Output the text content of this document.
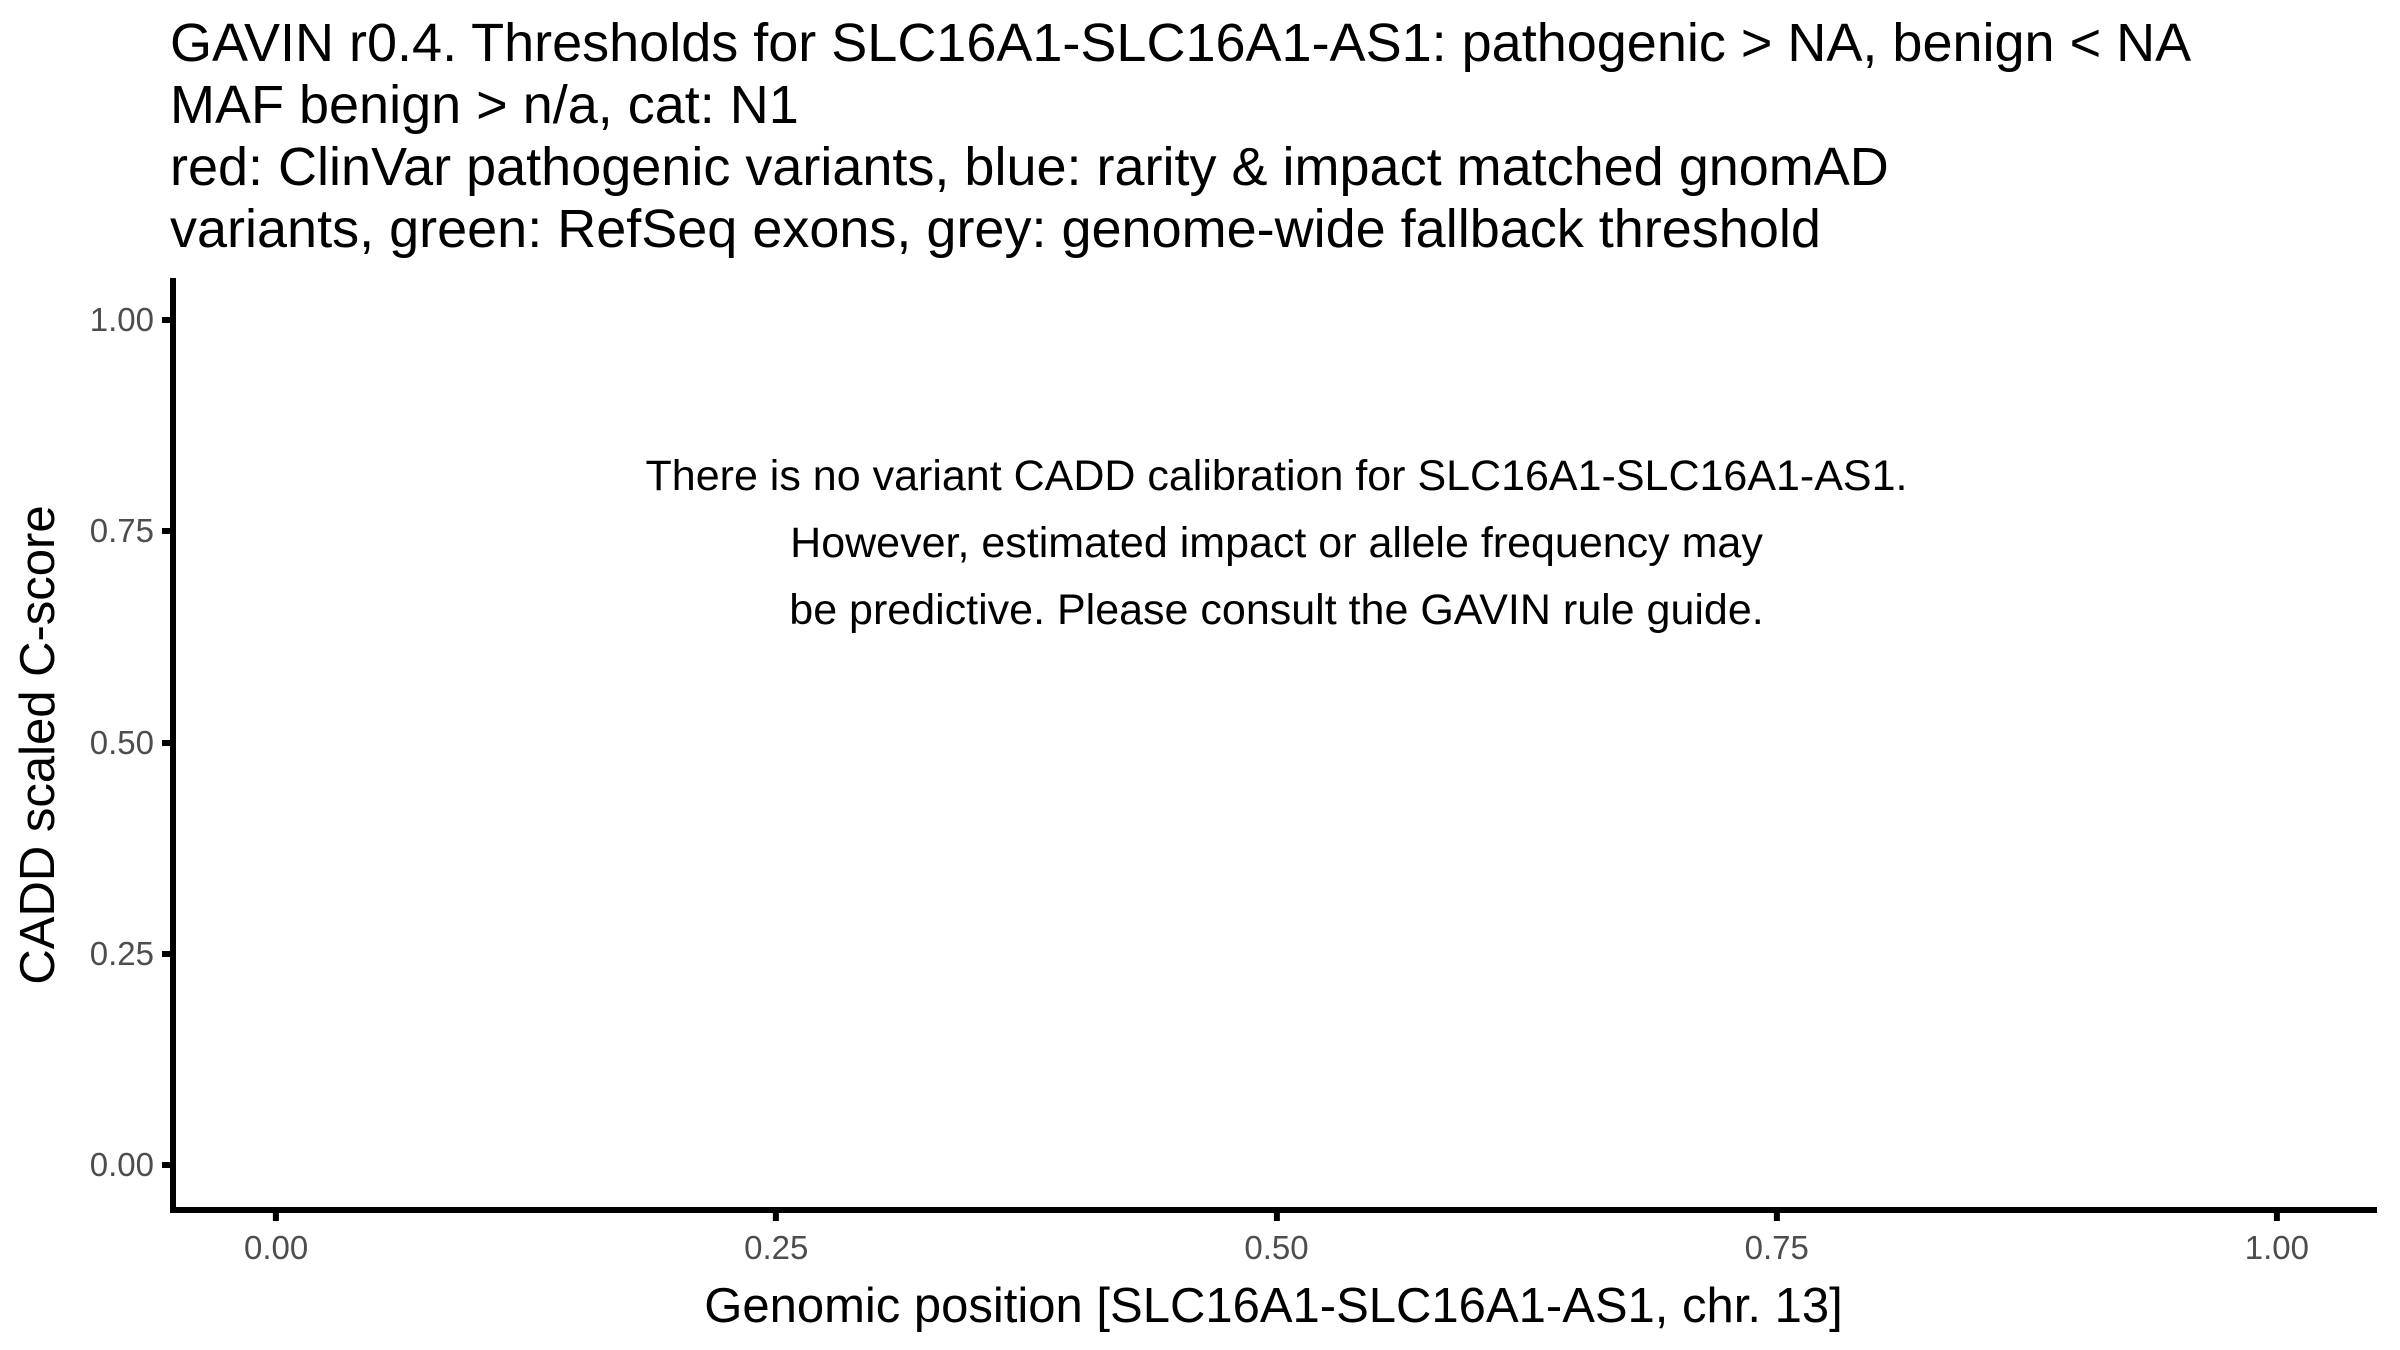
GAVIN r0.4. Thresholds for SLC16A1-SLC16A1-AS1: pathogenic > NA, benign < NA
MAF benign > n/a, cat: N1
red: ClinVar pathogenic variants, blue: rarity & impact matched gnomAD
variants, green: RefSeq exons, grey: genome-wide fallback threshold
CADD scaled C-score
There is no variant CADD calibration for SLC16A1-SLC16A1-AS1.
However, estimated impact or allele frequency may
be predictive. Please consult the GAVIN rule guide.
1.00
0.75
0.50
0.25
0.00
0.00	0.25	0.50	0.75	1.00
Genomic position [SLC16A1-SLC16A1-AS1, chr. 13]
